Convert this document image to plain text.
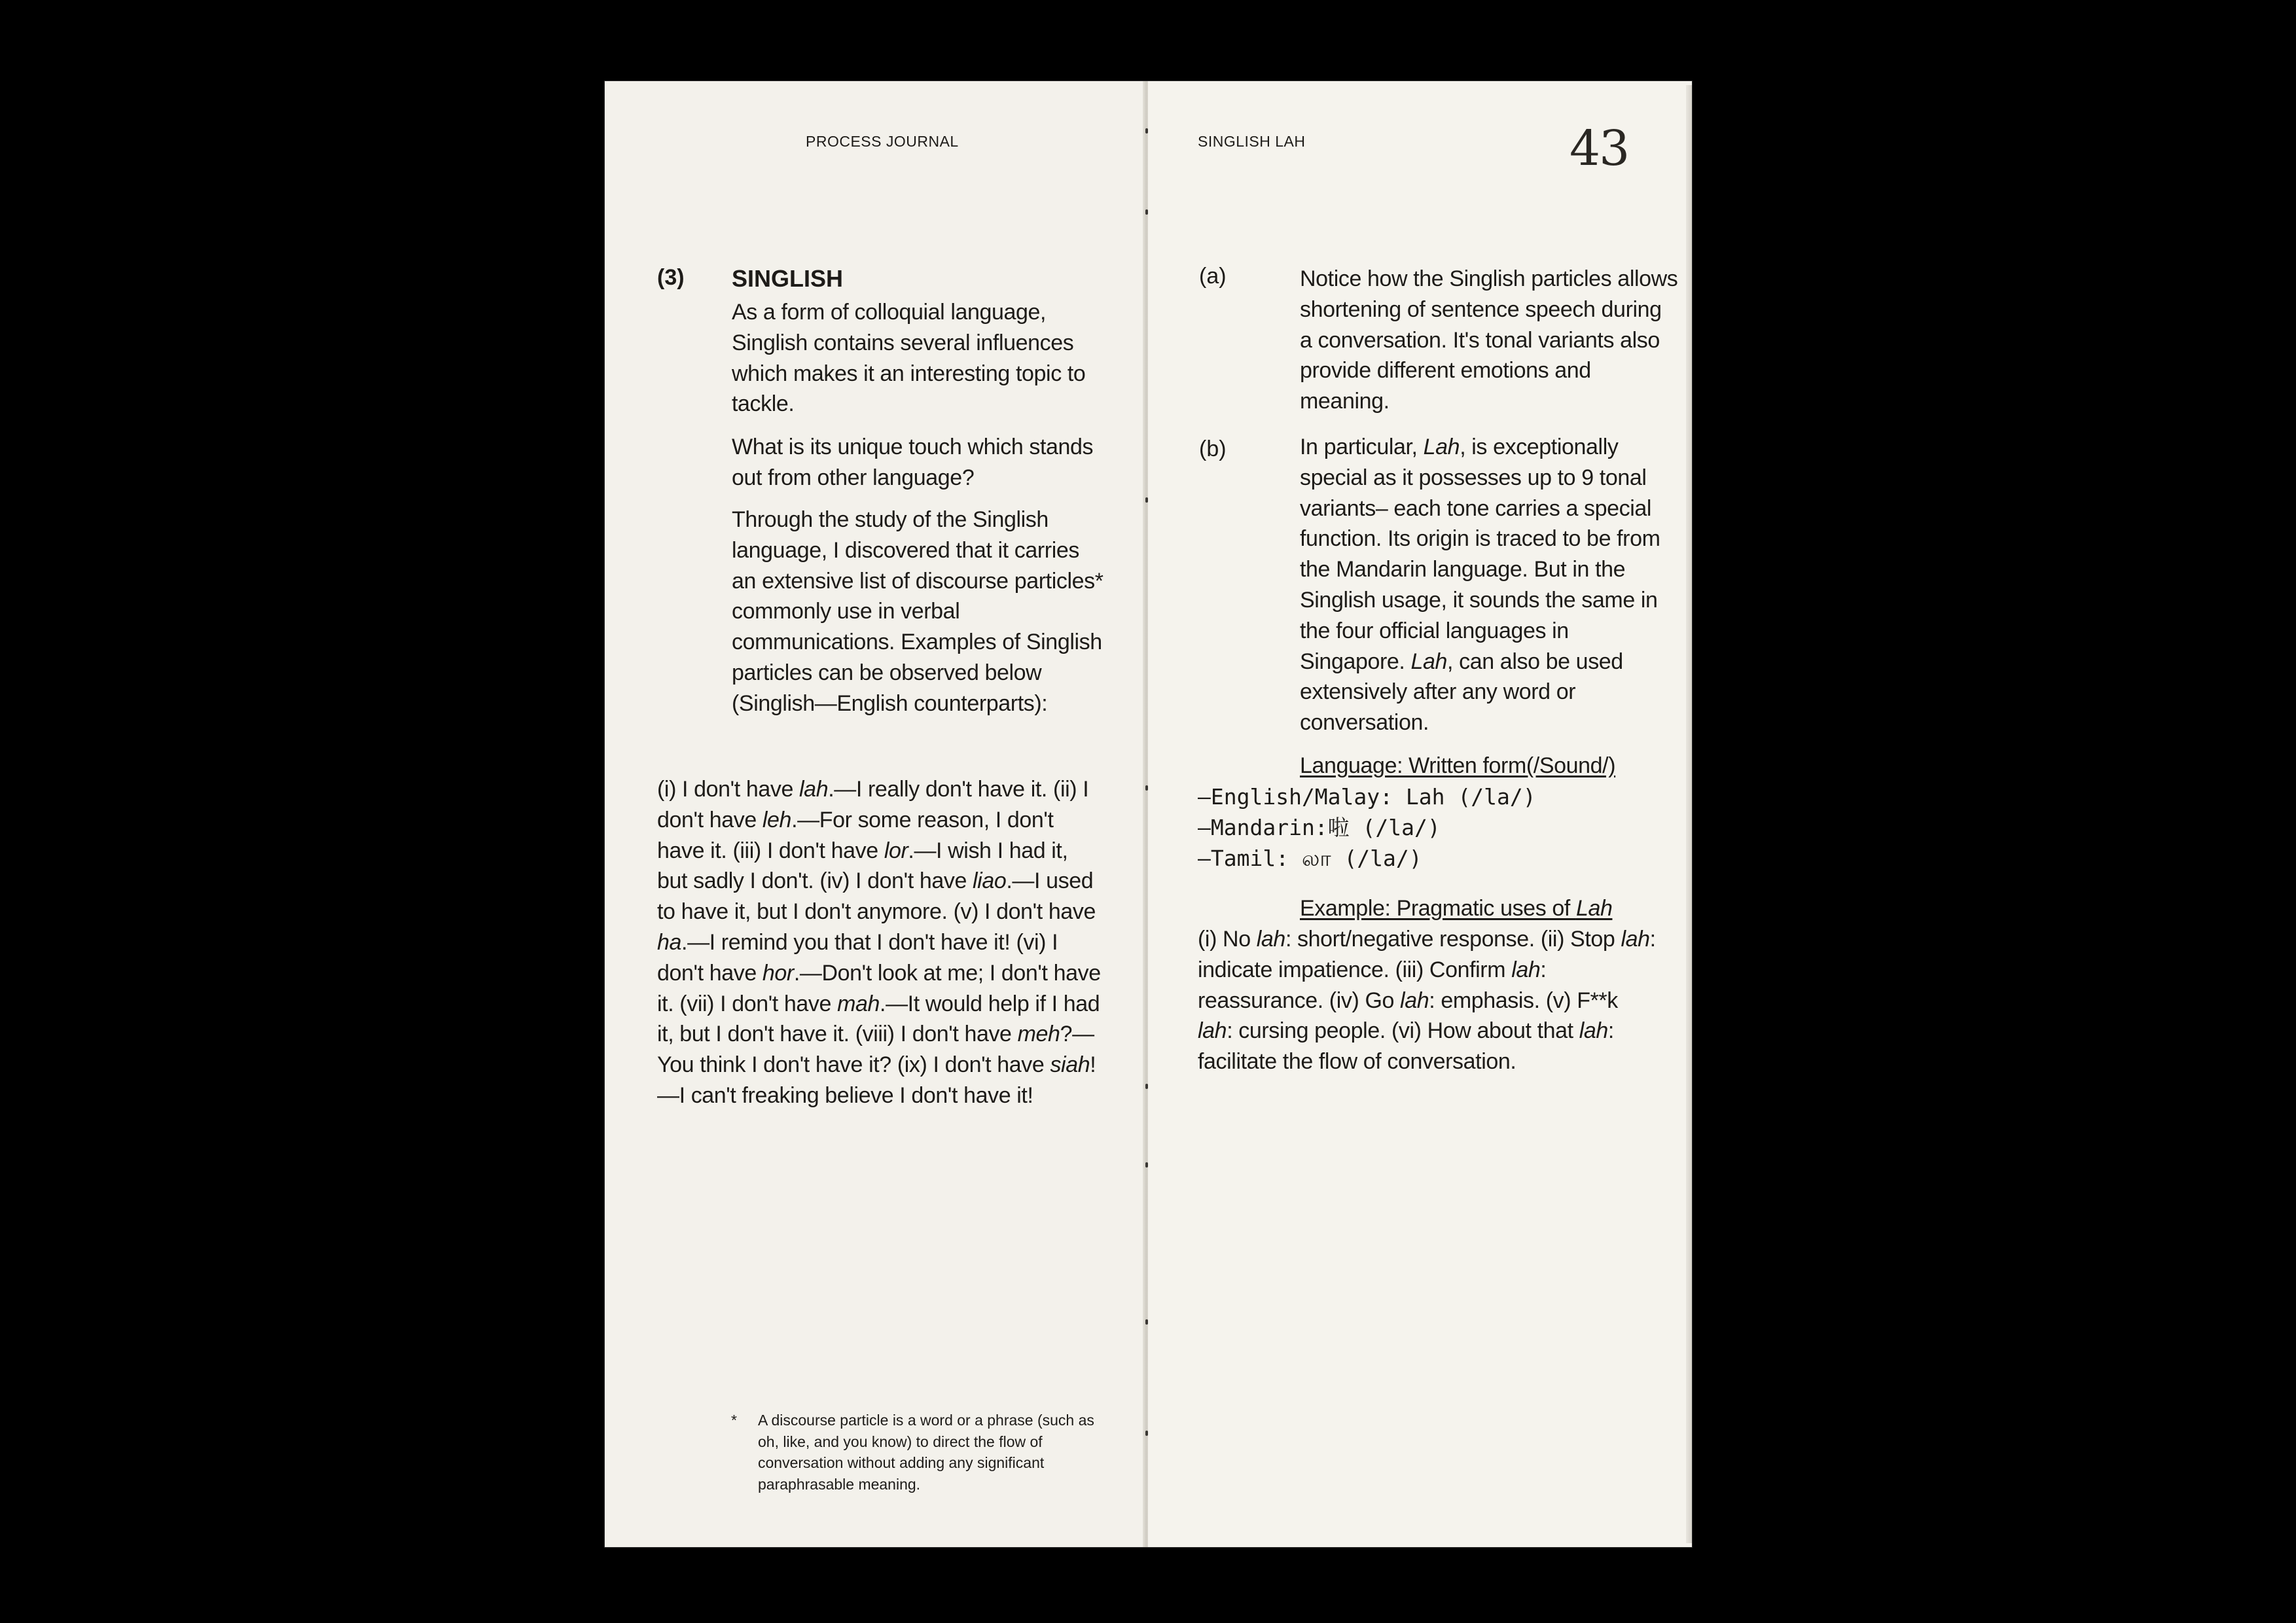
PROCESS JOURNAL
(3) SINGLISH

As a form of colloquial language, Singlish contains several influences which makes it an interesting topic to tackle.

What is its unique touch which stands out from other language?

Through the study of the Singlish language, I discovered that it carries an extensive list of discourse particles* commonly use in verbal communications. Examples of Singlish particles can be observed below (Singlish—English counterparts):

(i) I don't have lah.—I really don't have it. (ii) I don't have leh.—For some reason, I don't have it. (iii) I don't have lor.—I wish I had it, but sadly I don't. (iv) I don't have liao.—I used to have it, but I don't anymore. (v) I don't have ha.—I remind you that I don't have it! (vi) I don't have hor.—Don't look at me; I don't have it. (vii) I don't have mah.—It would help if I had it, but I don't have it. (viii) I don't have meh?—You think I don't have it? (ix) I don't have siah!—I can't freaking believe I don't have it!
* A discourse particle is a word or a phrase (such as oh, like, and you know) to direct the flow of conversation without adding any significant paraphrasable meaning.
SINGLISH LAH	43
(a)	Notice how the Singlish particles allows shortening of sentence speech during a conversation. It's tonal variants also provide different emotions and meaning.
(b)	In particular, Lah, is exceptionally special as it possesses up to 9 tonal variants– each tone carries a special function. Its origin is traced to be from the Mandarin language. But in the Singlish usage, it sounds the same in the four official languages in Singapore. Lah, can also be used extensively after any word or conversation.
Language: Written form(/Sound/)
—English/Malay: Lah (/la/)
—Mandarin:啦 (/la/)
—Tamil: லா (/la/)
Example: Pragmatic uses of Lah
(i) No lah: short/negative response. (ii) Stop lah: indicate impatience. (iii) Confirm lah: reassurance. (iv) Go lah: emphasis. (v) F**k lah: cursing people. (vi) How about that lah: facilitate the flow of conversation.
